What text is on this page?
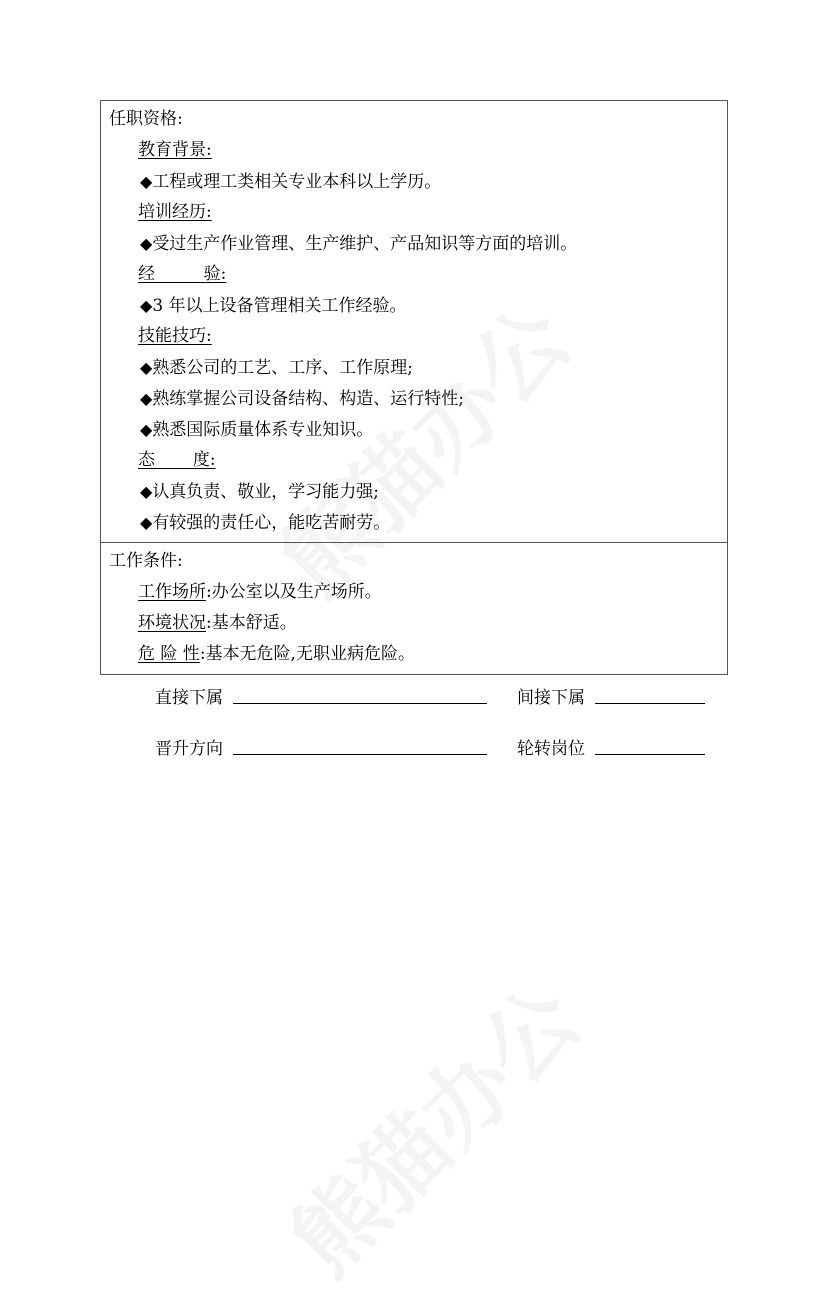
任职资格:
教育背景:
◆工程或理工类相关专业本科以上学历。
培训经历:
◆受过生产作业管理、生产维护、产品知识等方面的培训。
经	验:
◆3 年以上设备管理相关工作经验。
技能技巧:
◆熟悉公司的工艺、工序、工作原理;
◆熟练掌握公司设备结构、构造、运行特性;
◆熟悉国际质量体系专业知识。
态 度:
◆认真负责、敬业，学习能力强;
◆有较强的责任心，能吃苦耐劳。

工作条件:
工作场所:办公室以及生产场所。
环境状况:基本舒适。
危 险 性:基本无危险,无职业病危险。
直接下属	间接下属
晋升方向	轮转岗位
